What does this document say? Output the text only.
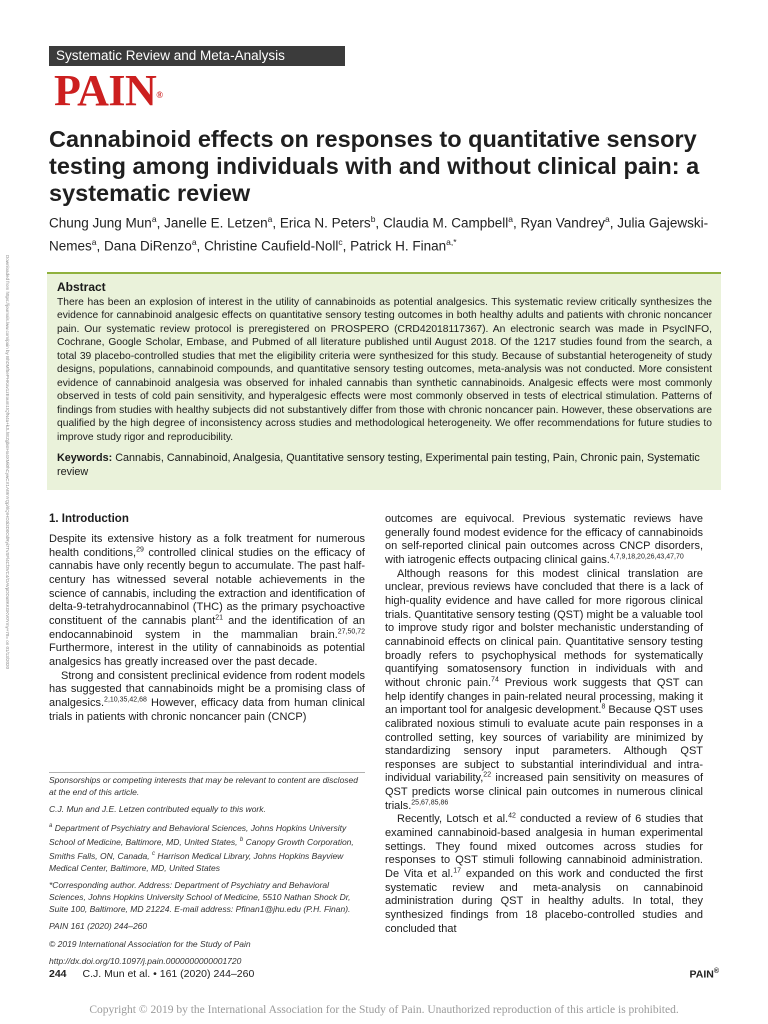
Systematic Review and Meta-Analysis
PAIN®
Cannabinoid effects on responses to quantitative sensory testing among individuals with and without clinical pain: a systematic review
Chung Jung Mun$^a$, Janelle E. Letzen$^a$, Erica N. Peters$^b$, Claudia M. Campbell$^a$, Ryan Vandrey$^a$, Julia Gajewski-Nemes$^a$, Dana DiRenzo$^a$, Christine Caufield-Noll$^c$, Patrick H. Finan$^{a,*}$
Downloaded from https://journals.lww.com/pain by BhDMf5ePHKav1zEoum1tQfN4a+kJLhEZgbsIHo4XMi0hCywCX1AWnYQp/IlQrHD3i3D0OdRyi7TvSFl4Cf3VC4/OAVpDDa8KKGKV0Ymy+78= on 01/13/2020	Abstract

There has been an explosion of interest in the utility of cannabinoids as potential analgesics. This systematic review critically synthesizes the evidence for cannabinoid analgesic effects on quantitative sensory testing outcomes in both healthy adults and patients with chronic noncancer pain. Our systematic review protocol is preregistered on PROSPERO (CRD42018117367). An electronic search was made in PsycINFO, Cochrane, Google Scholar, Embase, and Pubmed of all literature published until August 2018. Of the 1217 studies found from the search, a total 39 placebo-controlled studies that met the eligibility criteria were synthesized for this study. Because of substantial heterogeneity of study designs, populations, cannabinoid compounds, and quantitative sensory testing outcomes, meta-analysis was not conducted. More consistent evidence of cannabinoid analgesia was observed for inhaled cannabis than synthetic cannabinoids. Analgesic effects were most commonly observed in tests of cold pain sensitivity, and hyperalgesic effects were most commonly observed in tests of electrical stimulation. Patterns of findings from studies with healthy subjects did not substantively differ from those with chronic noncancer pain. However, these observations are qualified by the high degree of inconsistency across studies and methodological heterogeneity. We offer recommendations for future studies to improve study rigor and reproducibility.

Keywords: Cannabis, Cannabinoid, Analgesia, Quantitative sensory testing, Experimental pain testing, Pain, Chronic pain, Systematic review

1. Introduction

Despite its extensive history as a folk treatment for numerous health conditions,$^{29}$ controlled clinical studies on the efficacy of cannabis have only recently begun to accumulate. The past half-century has witnessed several notable achievements in the science of cannabis, including the extraction and identification of delta-9-tetrahydrocannabinol (THC) as the primary psychoactive constituent of the cannabis plant$^{21}$ and the identification of an endocannabinoid system in the mammalian brain.$^{27,50,72}$ Furthermore, interest in the utility of cannabinoids as potential analgesics has greatly increased over the past decade.

Strong and consistent preclinical evidence from rodent models has suggested that cannabinoids might be a promising class of analgesics.$^{2,10,35,42,68}$ However, efficacy data from human clinical trials in patients with chronic noncancer pain (CNCP)

outcomes are equivocal. Previous systematic reviews have generally found modest evidence for the efficacy of cannabinoids on self-reported clinical pain outcomes across CNCP disorders, with iatrogenic effects outpacing clinical gains.$^{4,7,9,18,20,26,43,47,70}$

Although reasons for this modest clinical translation are unclear, previous reviews have concluded that there is a lack of high-quality evidence and have called for more rigorous clinical trials. Quantitative sensory testing (QST) might be a valuable tool to improve study rigor and bolster mechanistic understanding of cannabinoid effects on clinical pain. Quantitative sensory testing broadly refers to psychophysical methods for systematically quantifying somatosensory function in individuals with and without chronic pain.$^{74}$ Previous work suggests that QST can help identify changes in pain-related neural processing, making it an important tool for analgesic development.$^8$ Because QST uses calibrated noxious stimuli to evaluate acute pain responses in a controlled setting, key sources of variability are minimized by standardizing sensory input parameters. Although QST responses are subject to substantial interindividual and intra-individual variability,$^{22}$ increased pain sensitivity on measures of QST predicts worse clinical pain outcomes in numerous clinical trials.$^{25,67,85,86}$

Recently, Lotsch et al.$^{42}$ conducted a review of 6 studies that examined cannabinoid-based analgesia in human experimental settings. They found mixed outcomes across studies for responses to QST stimuli following cannabinoid administration. De Vita et al.$^{17}$ expanded on this work and conducted the first systematic review and meta-analysis on cannabinoid administration during QST in healthy adults. In total, they synthesized findings from 18 placebo-controlled studies and concluded that

Sponsorships or competing interests that may be relevant to content are disclosed at the end of this article.

C.J. Mun and J.E. Letzen contributed equally to this work.

$^a$ Department of Psychiatry and Behavioral Sciences, Johns Hopkins University School of Medicine, Baltimore, MD, United States, $^b$ Canopy Growth Corporation, Smiths Falls, ON, Canada, $^c$ Harrison Medical Library, Johns Hopkins Bayview Medical Center, Baltimore, MD, United States

*Corresponding author. Address: Department of Psychiatry and Behavioral Sciences, Johns Hopkins University School of Medicine, 5510 Nathan Shock Dr, Suite 100, Baltimore, MD 21224. E-mail address: Pfinan1@jhu.edu (P.H. Finan).

PAIN 161 (2020) 244–260

© 2019 International Association for the Study of Pain

http://dx.doi.org/10.1097/j.pain.0000000000001720

244 C.J. Mun et al. • 161 (2020) 244–260	PAIN®
Copyright © 2019 by the International Association for the Study of Pain. Unauthorized reproduction of this article is prohibited.
